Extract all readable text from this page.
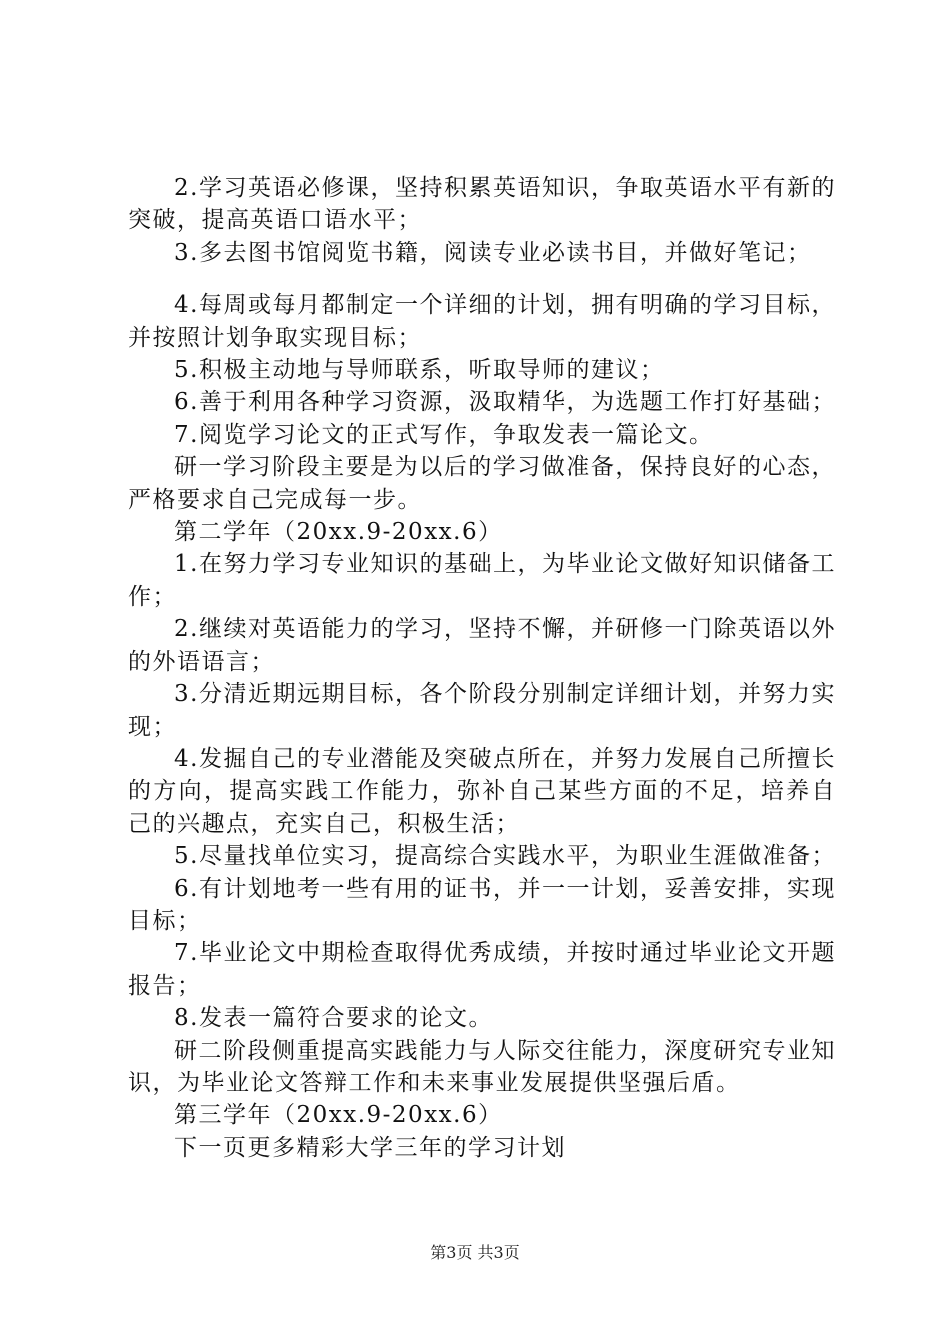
2.学习英语必修课，坚持积累英语知识，争取英语水平有新的突破，提高英语口语水平；

3.多去图书馆阅览书籍，阅读专业必读书目，并做好笔记；

4.每周或每月都制定一个详细的计划，拥有明确的学习目标，并按照计划争取实现目标；

5.积极主动地与导师联系，听取导师的建议；

6.善于利用各种学习资源，汲取精华，为选题工作打好基础；

7.阅览学习论文的正式写作，争取发表一篇论文。

研一学习阶段主要是为以后的学习做准备，保持良好的心态，严格要求自己完成每一步。

第二学年（20xx.9-20xx.6）

1.在努力学习专业知识的基础上，为毕业论文做好知识储备工作；

2.继续对英语能力的学习，坚持不懈，并研修一门除英语以外的外语语言；

3.分清近期远期目标，各个阶段分别制定详细计划，并努力实现；

4.发掘自己的专业潜能及突破点所在，并努力发展自己所擅长的方向，提高实践工作能力，弥补自己某些方面的不足，培养自己的兴趣点，充实自己，积极生活；

5.尽量找单位实习，提高综合实践水平，为职业生涯做准备；

6.有计划地考一些有用的证书，并一一计划，妥善安排，实现目标；

7.毕业论文中期检查取得优秀成绩，并按时通过毕业论文开题报告；

8.发表一篇符合要求的论文。

研二阶段侧重提高实践能力与人际交往能力，深度研究专业知识，为毕业论文答辩工作和未来事业发展提供坚强后盾。

第三学年（20xx.9-20xx.6）

下一页更多精彩大学三年的学习计划

第3页 共3页
